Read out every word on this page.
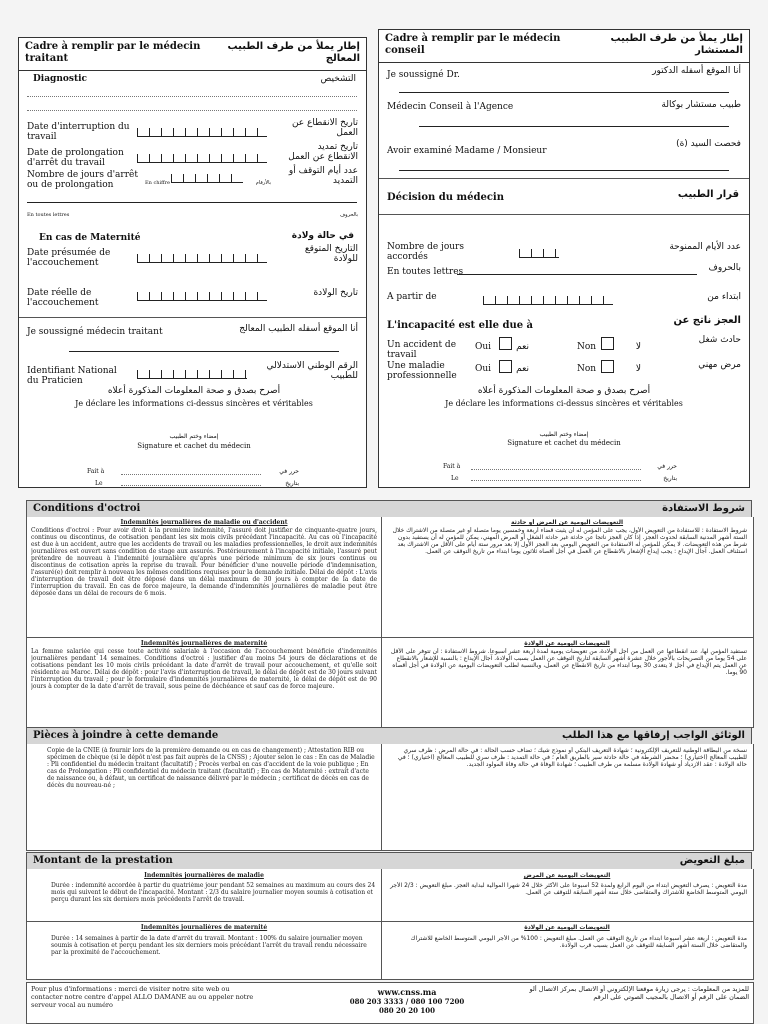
Cadre à remplir par le médecin traitant
إطار يملأ من طرف الطبيب المعالج
Diagnostic	التشخيص
Date d'interruption du travail
تاريخ الانقطاع عن العمل
Date de prolongation d'arrêt du travail
تاريخ تمديد الانقطاع عن العمل
Nombre de jours d'arrêt ou de prolongation	En chiffre	بالأرقام
عدد أيام التوقف أو التمديد
En toutes lettres	بالحروف
En cas de Maternité	في حالة ولادة
Date présumée de l'accouchement
التاريخ المتوقع للولادة
Date réelle de l'accouchement
تاريخ الولادة
Je soussigné médecin traitant	أنا الموقع أسفله الطبيب المعالج
Identifiant National du Praticien
الرقم الوطني الاستدلالي للطبيب
أصرح بصدق و صحة المعلومات المذكورة أعلاه
Je déclare les informations ci-dessus sincères et véritables
إمضاء وختم الطبيب
Signature et cachet du médecin
Fait à	حرر في
Le	بتاريخ
Cadre à remplir par le médecin conseil
إطار يملأ من طرف الطبيب المستشار
Je soussigné Dr.	أنا الموقع أسفله الدكتور
Médecin Conseil à l'Agence	طبيب مستشار بوكالة
Avoir examiné Madame / Monsieur
فحصت السيد (ة)
Décision du médecin	قرار الطبيب
Nombre de jours accordés
عدد الأيام الممنوحة
En toutes lettres	بالحروف
A partir de	ابتداء من
L'incapacité est elle due à	العجز ناتج عن
Un accident de travail
Oui	نعم	Non	لا
حادث شغل
Une maladie professionnelle
Oui	نعم	Non	لا	مرض مهني
أصرح بصدق و صحة المعلومات المذكورة أعلاه
Je déclare les informations ci-dessus sincères et véritables
إمضاء وختم الطبيب
Signature et cachet du médecin
Fait à	حرر في
Le	بتاريخ
Conditions d'octroi	شروط الاستفادة
Indemnités journalières de maladie ou d'accident
Conditions d'octroi : Pour avoir droit à la première indemnité, l'assuré doit justifier de cinquante-quatre jours, continus ou discontinus, de cotisation pendant les six mois civils précédant l'incapacité. Au cas où l'incapacité est due à un accident, autre que les accidents de travail ou les maladies professionnelles, le droit aux indemnités journalières est ouvert sans condition de stage aux assurés. Postérieurement à l'incapacité initiale, l'assuré peut prétendre de nouveau à l'indemnité journalière qu'après une période minimum de six jours continus ou discontinus de cotisation après la reprise du travail. Pour bénéficier d'une nouvelle période d'indemnisation, l'assuré(e) doit remplir à nouveau les mêmes conditions requises pour la demande initiale. Délai de dépôt : L'avis d'interruption de travail doit être déposé dans un délai maximum de 30 jours à compter de la date de l'interruption du travail. En cas de force majeure, la demande d'indemnités journalières de maladie peut être déposée dans un délai de recours de 6 mois.
التعويضات اليومية عن المرض أو حادثة
شروط الاستفادة : للاستفادة من التعويض الأول، يجب على المؤمن له أن يثبت قضاء أربعة وخمسين يوما متصلة أو غير متصلة من الاشتراك خلال الستة أشهر المدنية السابقة لحدوث العجز. إذا كان العجز ناتجا عن حادثة غير حادثة الشغل أو المرض المهني، يمكن للمؤمن له أن يستفيد بدون شرط من هذه التعويضات. لا يمكن للمؤمن له الاستفادة من التعويض اليومي بعد العجز الأول إلا بعد مرور ستة أيام على الأقل من الاشتراك بعد استئناف العمل. آجال الإيداع : يجب إيداع الإشعار بالانقطاع عن العمل في أجل أقصاه ثلاثون يوما ابتداء من تاريخ التوقف عن العمل.
Indemnités journalières de maternité
La femme salariée qui cesse toute activité salariale à l'occasion de l'accouchement bénéficie d'indemnités journalières pendant 14 semaines. Conditions d'octroi : justifier d'au moins 54 jours de déclarations et de cotisations pendant les 10 mois civils précédant la date d'arrêt de travail pour accouchement, et qu'elle soit résidente au Maroc. Délai de dépôt : pour l'avis d'interruption de travail, le délai de dépôt est de 30 jours suivant l'interruption du travail ; pour le formulaire d'indemnités journalières de maternité, le délai de dépôt est de 90 jours à compter de la date d'arrêt de travail, sous peine de déchéance et sauf cas de force majeure.
التعويضات اليومية عن الولادة
تستفيد المؤمن لها، عند انقطاعها عن العمل من أجل الولادة، من تعويضات يومية لمدة أربعة عشر أسبوعا. شروط الاستفادة : أن تتوفر على الأقل على 54 يوما من التصريحات بالأجور خلال عشرة أشهر السابقة لتاريخ التوقف عن العمل بسبب الولادة. آجال الإيداع : بالنسبة للإشعار بالانقطاع عن العمل يتم الإيداع في أجل لا يتعدى 30 يوما ابتداء من تاريخ الانقطاع عن العمل، وبالنسبة لطلب التعويضات اليومية عن الولادة في أجل أقصاه 90 يوما.
Pièces à joindre à cette demande	الوثائق الواجب إرفاقها مع هذا الطلب
Copie de la CNIE (à fournir lors de la première demande ou en cas de changement) ; Attestation RIB ou spécimen de chèque (si le dépôt n'est pas fait auprès de la CNSS) ; Ajouter selon le cas : En cas de Maladie : Pli confidentiel du médecin traitant (facultatif) ; Procès verbal en cas d'accident de la voie publique ; En cas de Prolongation : Pli confidentiel du médecin traitant (facultatif) ; En cas de Maternité : extrait d'acte de naissance ou, à défaut, un certificat de naissance délivré par le médecin ; certificat de décès en cas de décès du nouveau-né ;
نسخة من البطاقة الوطنية للتعريف الإلكترونية ؛ شهادة التعريف البنكي أو نموذج شيك ؛ تضاف حسب الحالة : في حالة المرض : ظرف سري للطبيب المعالج (اختياري) ؛ محضر الشرطة في حالة حادثة سير بالطريق العام ؛ في حالة التمديد : ظرف سري للطبيب المعالج (اختياري) ؛ في حالة الولادة : عقد الازدياد أو شهادة الولادة مسلمة من طرف الطبيب ؛ شهادة الوفاة في حالة وفاة المولود الجديد.
Montant de la prestation	مبلغ التعويض
Indemnités journalières de maladie
Durée : indemnité accordée à partir du quatrième jour pendant 52 semaines au maximum au cours des 24 mois qui suivent le début de l'incapacité. Montant : 2/3 du salaire journalier moyen soumis à cotisation et perçu durant les six derniers mois précédents l'arrêt de travail.
التعويضات اليومية عن المرض
مدة التعويض : يصرف التعويض ابتداء من اليوم الرابع ولمدة 52 أسبوعا على الأكثر خلال 24 شهرا الموالية لبداية العجز. مبلغ التعويض : 2/3 الأجر اليومي المتوسط الخاضع للاشتراك والمتقاضى خلال ستة أشهر السابقة للتوقف عن العمل.
Indemnités journalières de maternité
Durée : 14 semaines à partir de la date d'arrêt du travail. Montant : 100% du salaire journalier moyen soumis à cotisation et perçu pendant les six derniers mois précédant l'arrêt du travail rendu nécessaire par la proximité de l'accouchement.
التعويضات اليومية عن الولادة
مدة التعويض : أربعة عشر أسبوعا ابتداء من تاريخ التوقف عن العمل. مبلغ التعويض : 100% من الأجر اليومي المتوسط الخاضع للاشتراك والمتقاضى خلال الستة أشهر السابقة للتوقف عن العمل بسبب قرب الولادة.
Pour plus d'informations : merci de visiter notre site web ou contacter notre centre d'appel ALLO DAMANE au ou appeler notre serveur vocal au numéro
www.cnss.ma
080 203 3333 / 080 100 7200
080 20 20 100
للمزيد من المعلومات : يرجى زيارة موقعنا الإلكتروني أو الاتصال بمركز الاتصال ألو الضمان على الرقم أو الاتصال بالمجيب الصوتي على الرقم
